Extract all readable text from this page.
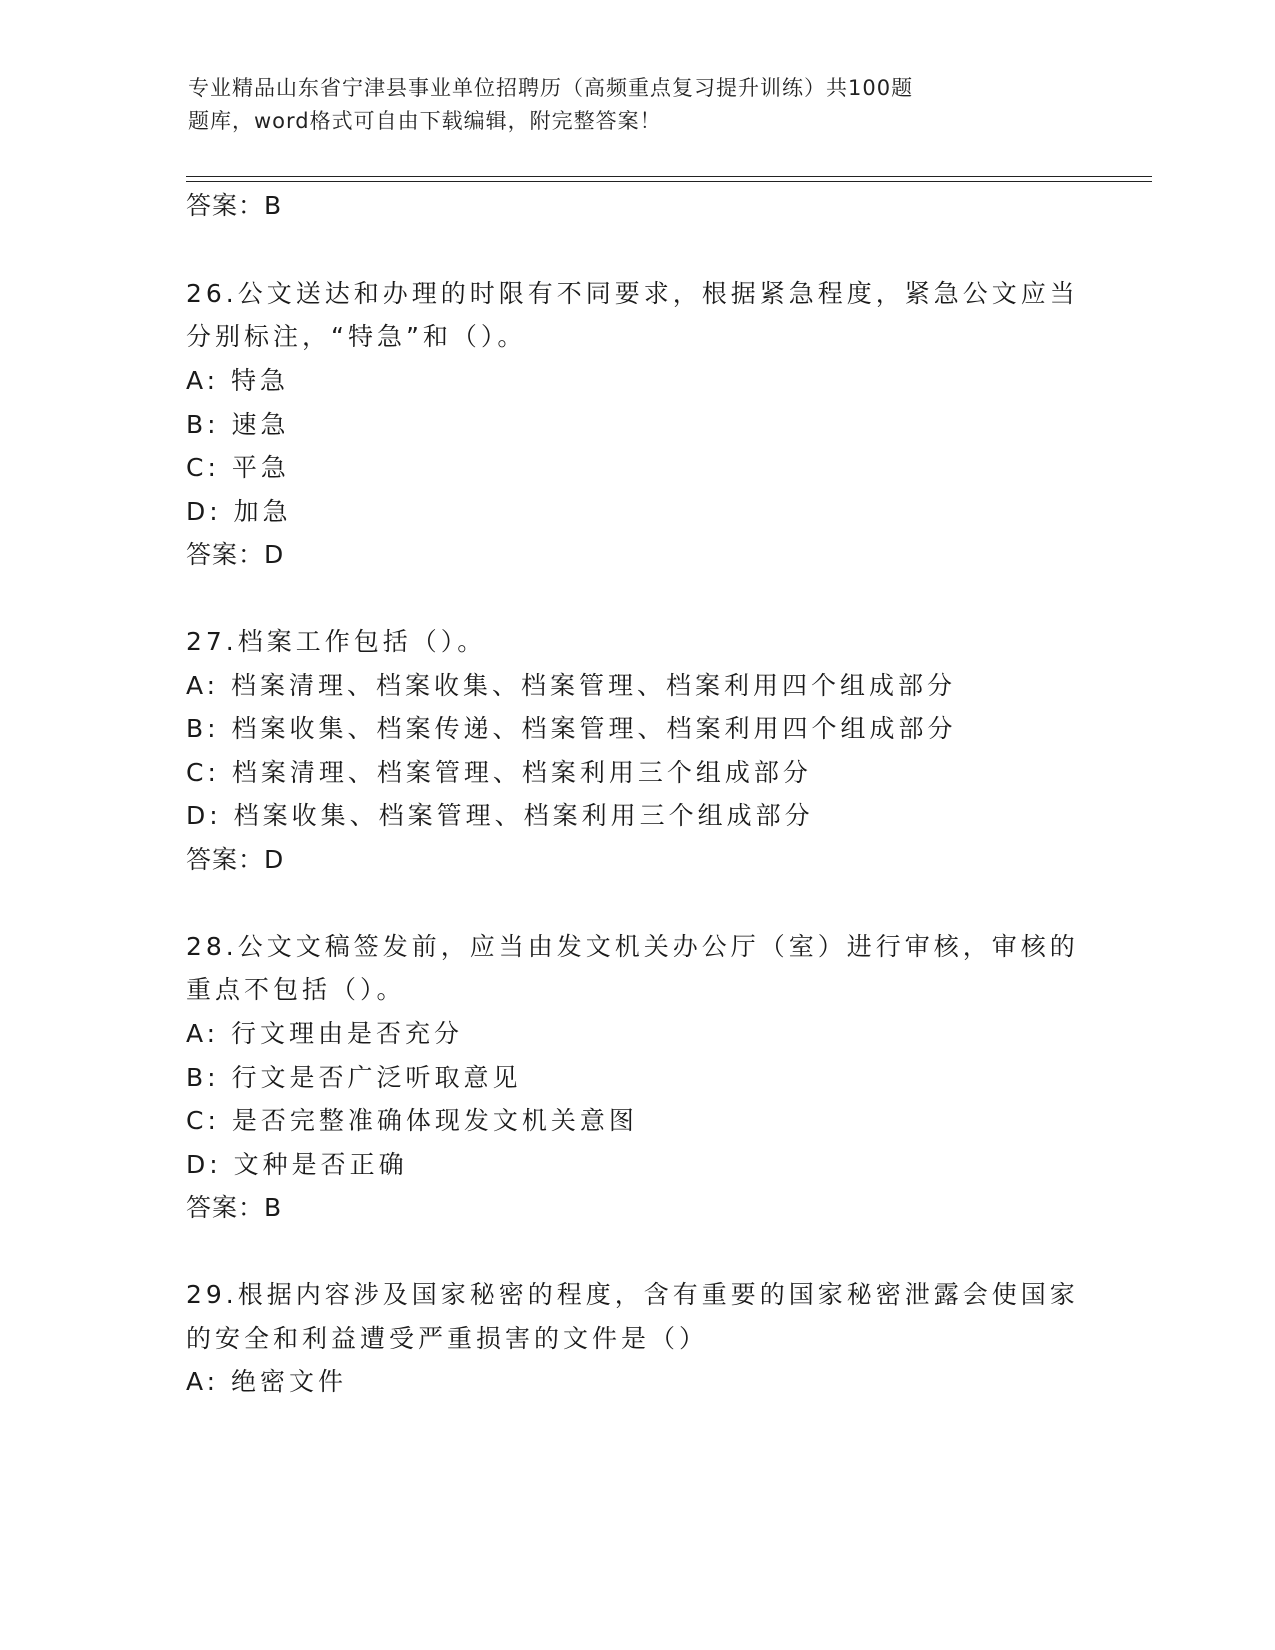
专业精品山东省宁津县事业单位招聘历（高频重点复习提升训练）共100题
题库，word格式可自由下载编辑，附完整答案！
答案：B
26.公文送达和办理的时限有不同要求，根据紧急程度，紧急公文应当
分别标注，“特急”和（）。
A: 特急
B: 速急
C: 平急
D: 加急
答案：D
27.档案工作包括（）。
A: 档案清理、档案收集、档案管理、档案利用四个组成部分
B: 档案收集、档案传递、档案管理、档案利用四个组成部分
C: 档案清理、档案管理、档案利用三个组成部分
D: 档案收集、档案管理、档案利用三个组成部分
答案：D
28.公文文稿签发前，应当由发文机关办公厅（室）进行审核，审核的
重点不包括（）。
A: 行文理由是否充分
B: 行文是否广泛听取意见
C: 是否完整准确体现发文机关意图
D: 文种是否正确
答案：B
29.根据内容涉及国家秘密的程度，含有重要的国家秘密泄露会使国家
的安全和利益遭受严重损害的文件是（）
A: 绝密文件
